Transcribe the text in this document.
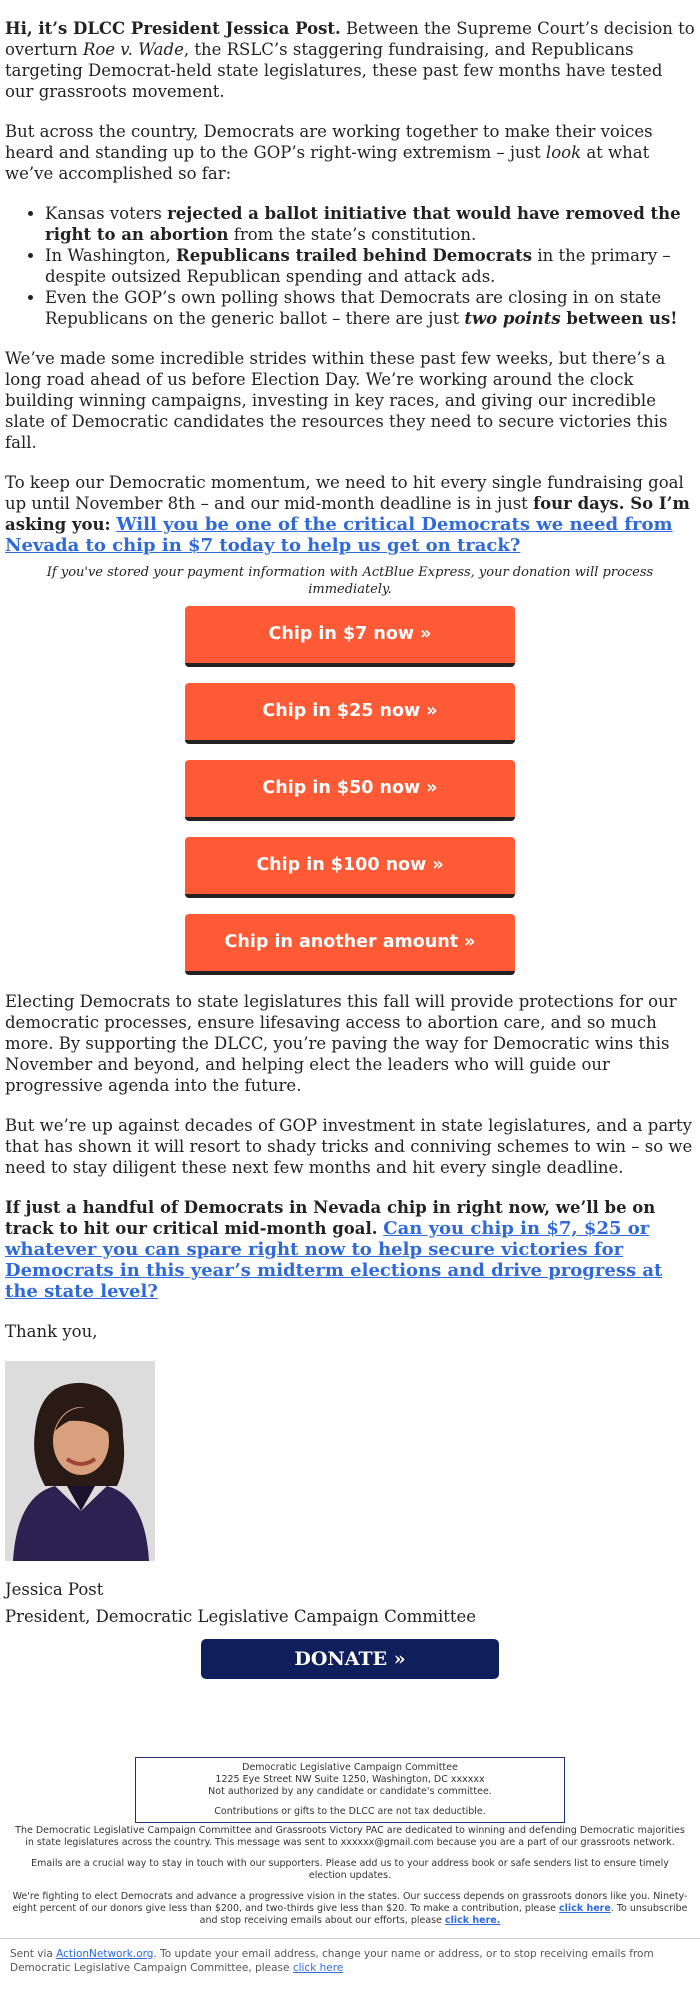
Hi, it’s DLCC President Jessica Post. Between the Supreme Court’s decision to overturn Roe v. Wade, the RSLC’s staggering fundraising, and Republicans targeting Democrat-held state legislatures, these past few months have tested our grassroots movement.

But across the country, Democrats are working together to make their voices heard and standing up to the GOP’s right-wing extremism – just look at what we’ve accomplished so far:

• Kansas voters rejected a ballot initiative that would have removed the right to an abortion from the state’s constitution.
• In Washington, Republicans trailed behind Democrats in the primary – despite outsized Republican spending and attack ads.
• Even the GOP’s own polling shows that Democrats are closing in on state Republicans on the generic ballot – there are just two points between us!

We’ve made some incredible strides within these past few weeks, but there’s a long road ahead of us before Election Day. We’re working around the clock building winning campaigns, investing in key races, and giving our incredible slate of Democratic candidates the resources they need to secure victories this fall.

To keep our Democratic momentum, we need to hit every single fundraising goal up until November 8th – and our mid-month deadline is in just four days. So I’m asking you: Will you be one of the critical Democrats we need from Nevada to chip in $7 today to help us get on track?

If you've stored your payment information with ActBlue Express, your donation will process immediately.
Chip in $7 now »
Chip in $25 now »
Chip in $50 now »
Chip in $100 now »
Chip in another amount »

Electing Democrats to state legislatures this fall will provide protections for our democratic processes, ensure lifesaving access to abortion care, and so much more. By supporting the DLCC, you’re paving the way for Democratic wins this November and beyond, and helping elect the leaders who will guide our progressive agenda into the future.

But we’re up against decades of GOP investment in state legislatures, and a party that has shown it will resort to shady tricks and conniving schemes to win – so we need to stay diligent these next few months and hit every single deadline.

If just a handful of Democrats in Nevada chip in right now, we’ll be on track to hit our critical mid-month goal. Can you chip in $7, $25 or whatever you can spare right now to help secure victories for Democrats in this year’s midterm elections and drive progress at the state level?

Thank you,

Jessica Post
President, Democratic Legislative Campaign Committee
DONATE »
Democratic Legislative Campaign Committee
1225 Eye Street NW Suite 1250, Washington, DC xxxxxx
Not authorized by any candidate or candidate's committee.
Contributions or gifts to the DLCC are not tax deductible.

The Democratic Legislative Campaign Committee and Grassroots Victory PAC are dedicated to winning and defending Democratic majorities in state legislatures across the country. This message was sent to xxxxxx@gmail.com because you are a part of our grassroots network.

Emails are a crucial way to stay in touch with our supporters. Please add us to your address book or safe senders list to ensure timely election updates.

We're fighting to elect Democrats and advance a progressive vision in the states. Our success depends on grassroots donors like you. Ninety-eight percent of our donors give less than $200, and two-thirds give less than $20. To make a contribution, please click here. To unsubscribe and stop receiving emails about our efforts, please click here.

Sent via ActionNetwork.org. To update your email address, change your name or address, or to stop receiving emails from Democratic Legislative Campaign Committee, please click here
